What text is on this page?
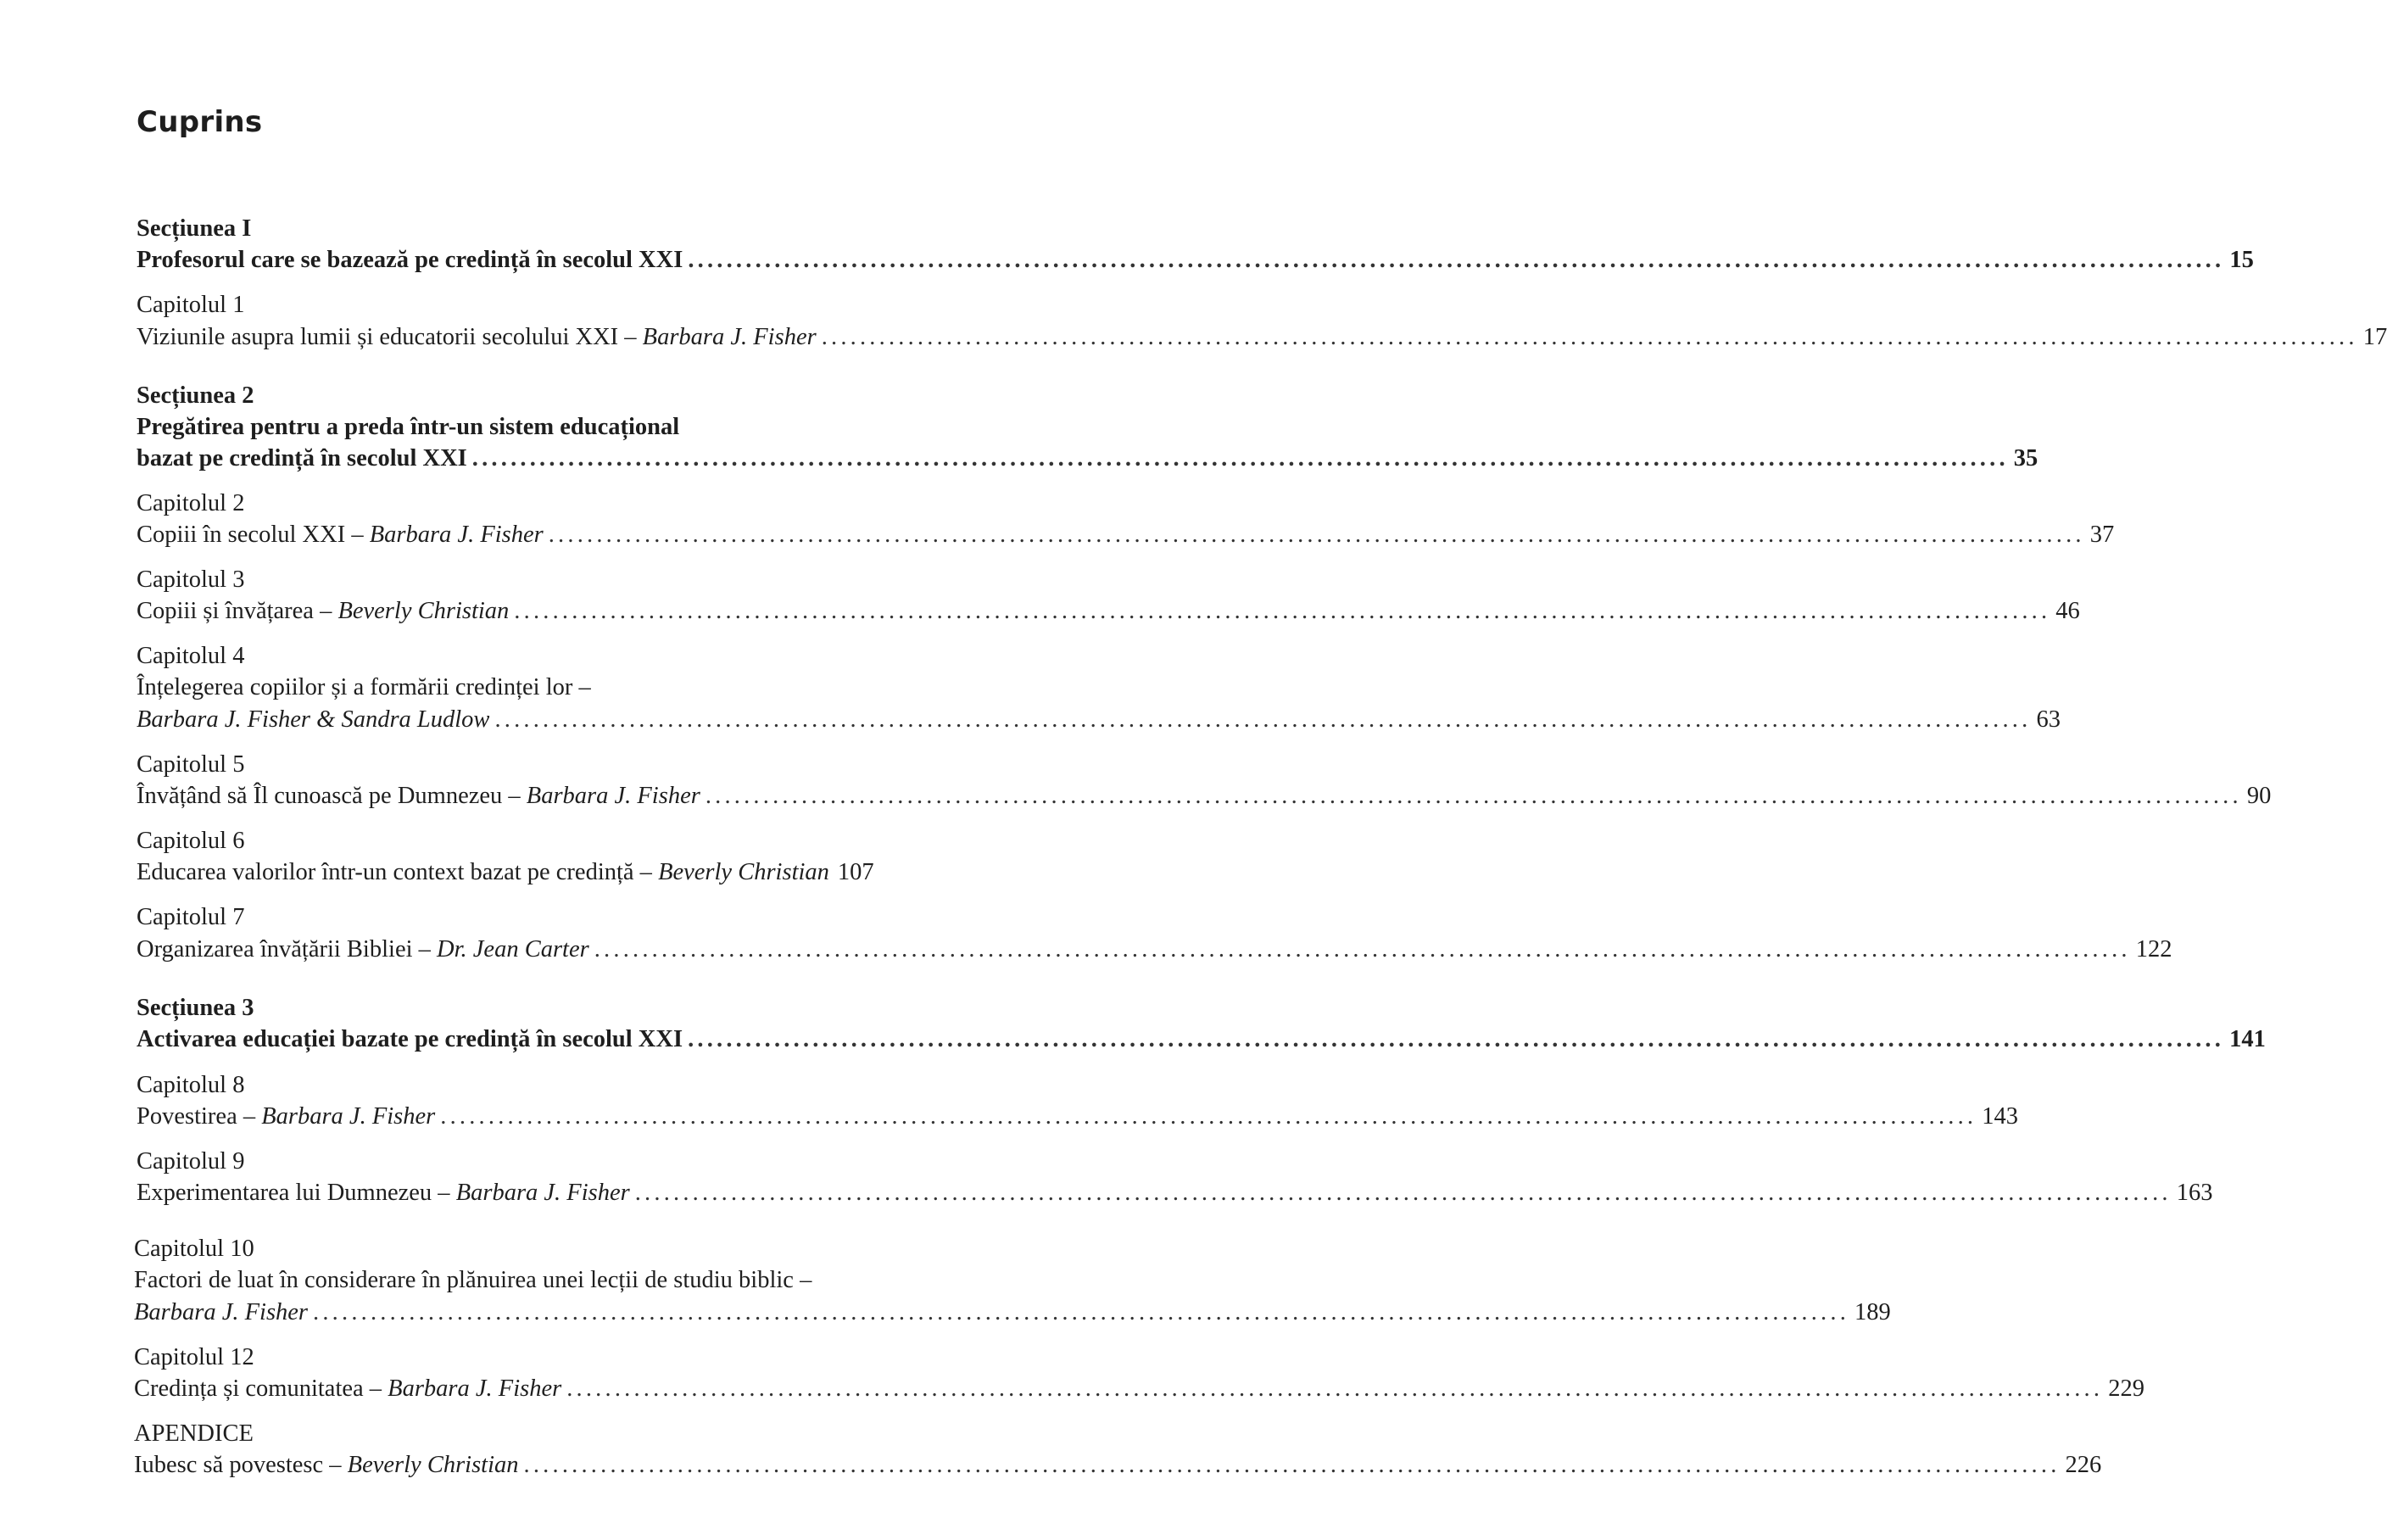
Cuprins
Secțiunea I
Profesorul care se bazează pe credință în secolul XXI ................................................................................................................................................................ 15
Capitolul 1
Viziunile asupra lumii și educatorii secolului XXI – Barbara J. Fisher ................................................................................................................................................................ 17
Secțiunea 2
Pregătirea pentru a preda într-un sistem educațional
bazat pe credință în secolul XXI ................................................................................................................................................................ 35
Capitolul 2
Copiii în secolul XXI – Barbara J. Fisher ................................................................................................................................................................ 37
Capitolul 3
Copiii și învățarea – Beverly Christian ................................................................................................................................................................ 46
Capitolul 4
Înțelegerea copiilor și a formării credinței lor –
Barbara J. Fisher & Sandra Ludlow ................................................................................................................................................................ 63
Capitolul 5
Învățând să Îl cunoască pe Dumnezeu – Barbara J. Fisher ................................................................................................................................................................ 90
Capitolul 6
Educarea valorilor într-un context bazat pe credință – Beverly Christian 107
Capitolul 7
Organizarea învățării Bibliei – Dr. Jean Carter ................................................................................................................................................................ 122
Secțiunea 3
Activarea educației bazate pe credință în secolul XXI ................................................................................................................................................................ 141
Capitolul 8
Povestirea – Barbara J. Fisher ................................................................................................................................................................ 143
Capitolul 9
Experimentarea lui Dumnezeu – Barbara J. Fisher ................................................................................................................................................................ 163
Capitolul 10
Factori de luat în considerare în plănuirea unei lecții de studiu biblic –
Barbara J. Fisher ................................................................................................................................................................ 189
Capitolul 12
Credința și comunitatea – Barbara J. Fisher ................................................................................................................................................................ 229
APENDICE
Iubesc să povestesc – Beverly Christian ................................................................................................................................................................ 226
